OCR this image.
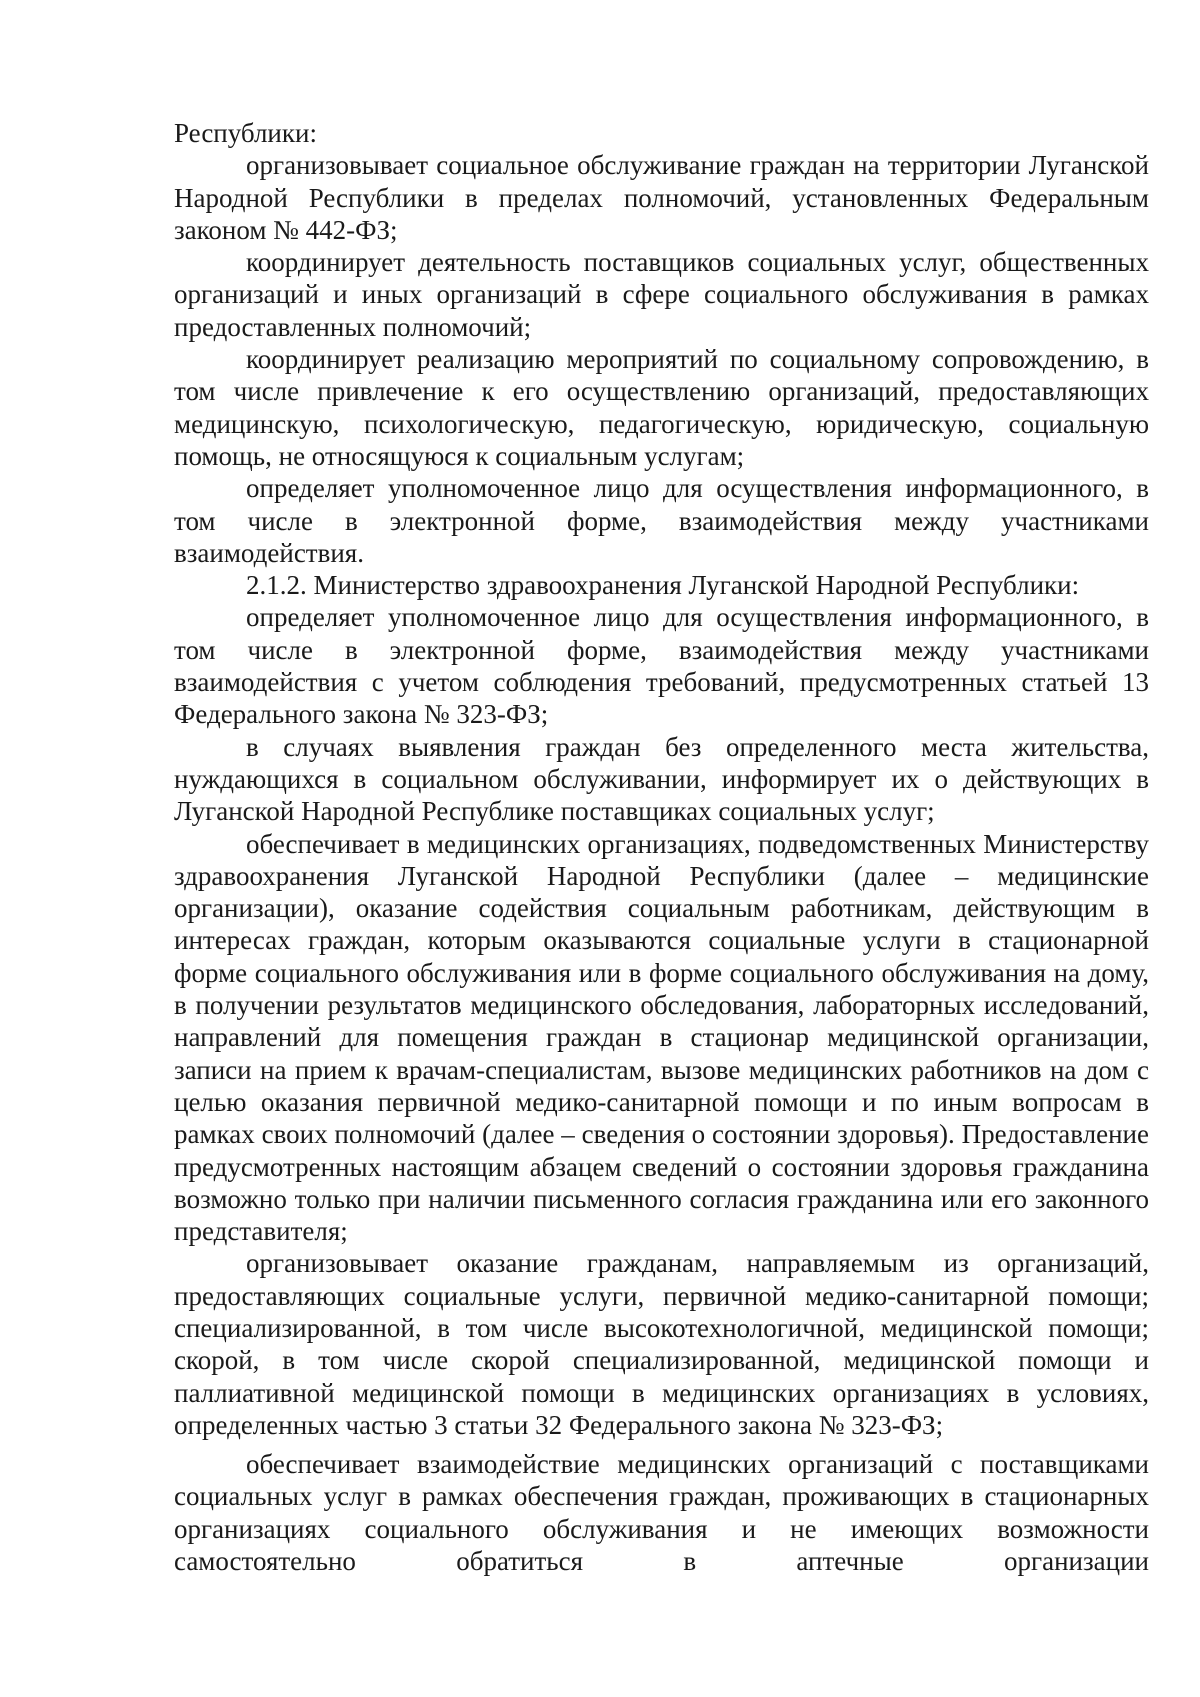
Республики:

организовывает социальное обслуживание граждан на территории Луганской Народной Республики в пределах полномочий, установленных Федеральным законом № 442-ФЗ;

координирует деятельность поставщиков социальных услуг, общественных организаций и иных организаций в сфере социального обслуживания в рамках предоставленных полномочий;

координирует реализацию мероприятий по социальному сопровождению, в том числе привлечение к его осуществлению организаций, предоставляющих медицинскую, психологическую, педагогическую, юридическую, социальную помощь, не относящуюся к социальным услугам;

определяет уполномоченное лицо для осуществления информационного, в том числе в электронной форме, взаимодействия между участниками взаимодействия.

2.1.2. Министерство здравоохранения Луганской Народной Республики:

определяет уполномоченное лицо для осуществления информационного, в том числе в электронной форме, взаимодействия между участниками взаимодействия с учетом соблюдения требований, предусмотренных статьей 13 Федерального закона № 323-ФЗ;

в случаях выявления граждан без определенного места жительства, нуждающихся в социальном обслуживании, информирует их о действующих в Луганской Народной Республике поставщиках социальных услуг;

обеспечивает в медицинских организациях, подведомственных Министерству здравоохранения Луганской Народной Республики (далее – медицинские организации), оказание содействия социальным работникам, действующим в интересах граждан, которым оказываются социальные услуги в стационарной форме социального обслуживания или в форме социального обслуживания на дому, в получении результатов медицинского обследования, лабораторных исследований, направлений для помещения граждан в стационар медицинской организации, записи на прием к врачам-специалистам, вызове медицинских работников на дом с целью оказания первичной медико-санитарной помощи и по иным вопросам в рамках своих полномочий (далее – сведения о состоянии здоровья). Предоставление предусмотренных настоящим абзацем сведений о состоянии здоровья гражданина возможно только при наличии письменного согласия гражданина или его законного представителя;

организовывает оказание гражданам, направляемым из организаций, предоставляющих социальные услуги, первичной медико-санитарной помощи; специализированной, в том числе высокотехнологичной, медицинской помощи; скорой, в том числе скорой специализированной, медицинской помощи и паллиативной медицинской помощи в медицинских организациях в условиях, определенных частью 3 статьи 32 Федерального закона № 323-ФЗ;

обеспечивает взаимодействие медицинских организаций с поставщиками социальных услуг в рамках обеспечения граждан, проживающих в стационарных организациях социального обслуживания и не имеющих возможности самостоятельно обратиться в аптечные организации
